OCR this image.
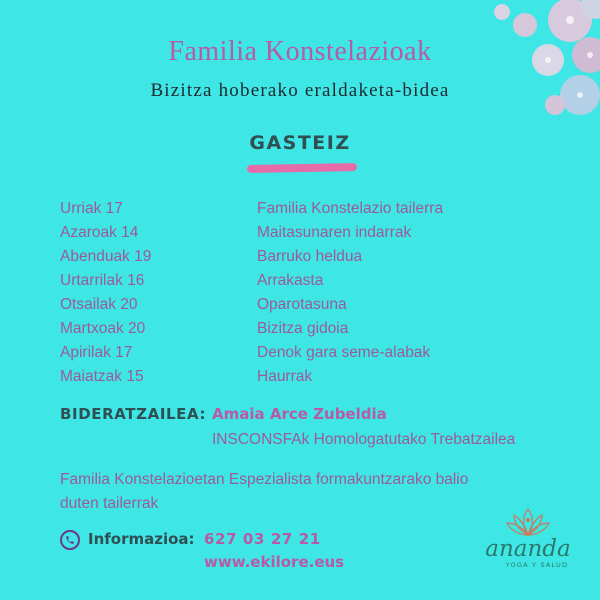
Familia Konstelazioak
Bizitza hoberako eraldaketa-bidea
GASTEIZ
Urriak 17	Familia Konstelazio tailerra
Azaroak 14	Maitasunaren indarrak
Abenduak 19	Barruko heldua
Urtarrilak 16	Arrakasta
Otsailak 20	Oparotasuna
Martxoak 20	Bizitza gidoia
Apirilak 17	Denok gara seme-alabak
Maiatzak 15	Haurrak
BIDERATZAILEA: Amaia Arce Zubeldia
INSCONSFAk Homologatutako Trebatzailea
Familia Konstelazioetan Espezialista formakuntzarako balio duten tailerrak
Informazioa: 627 03 27 21
www.ekilore.eus	ananda
YOGA Y SALUD
